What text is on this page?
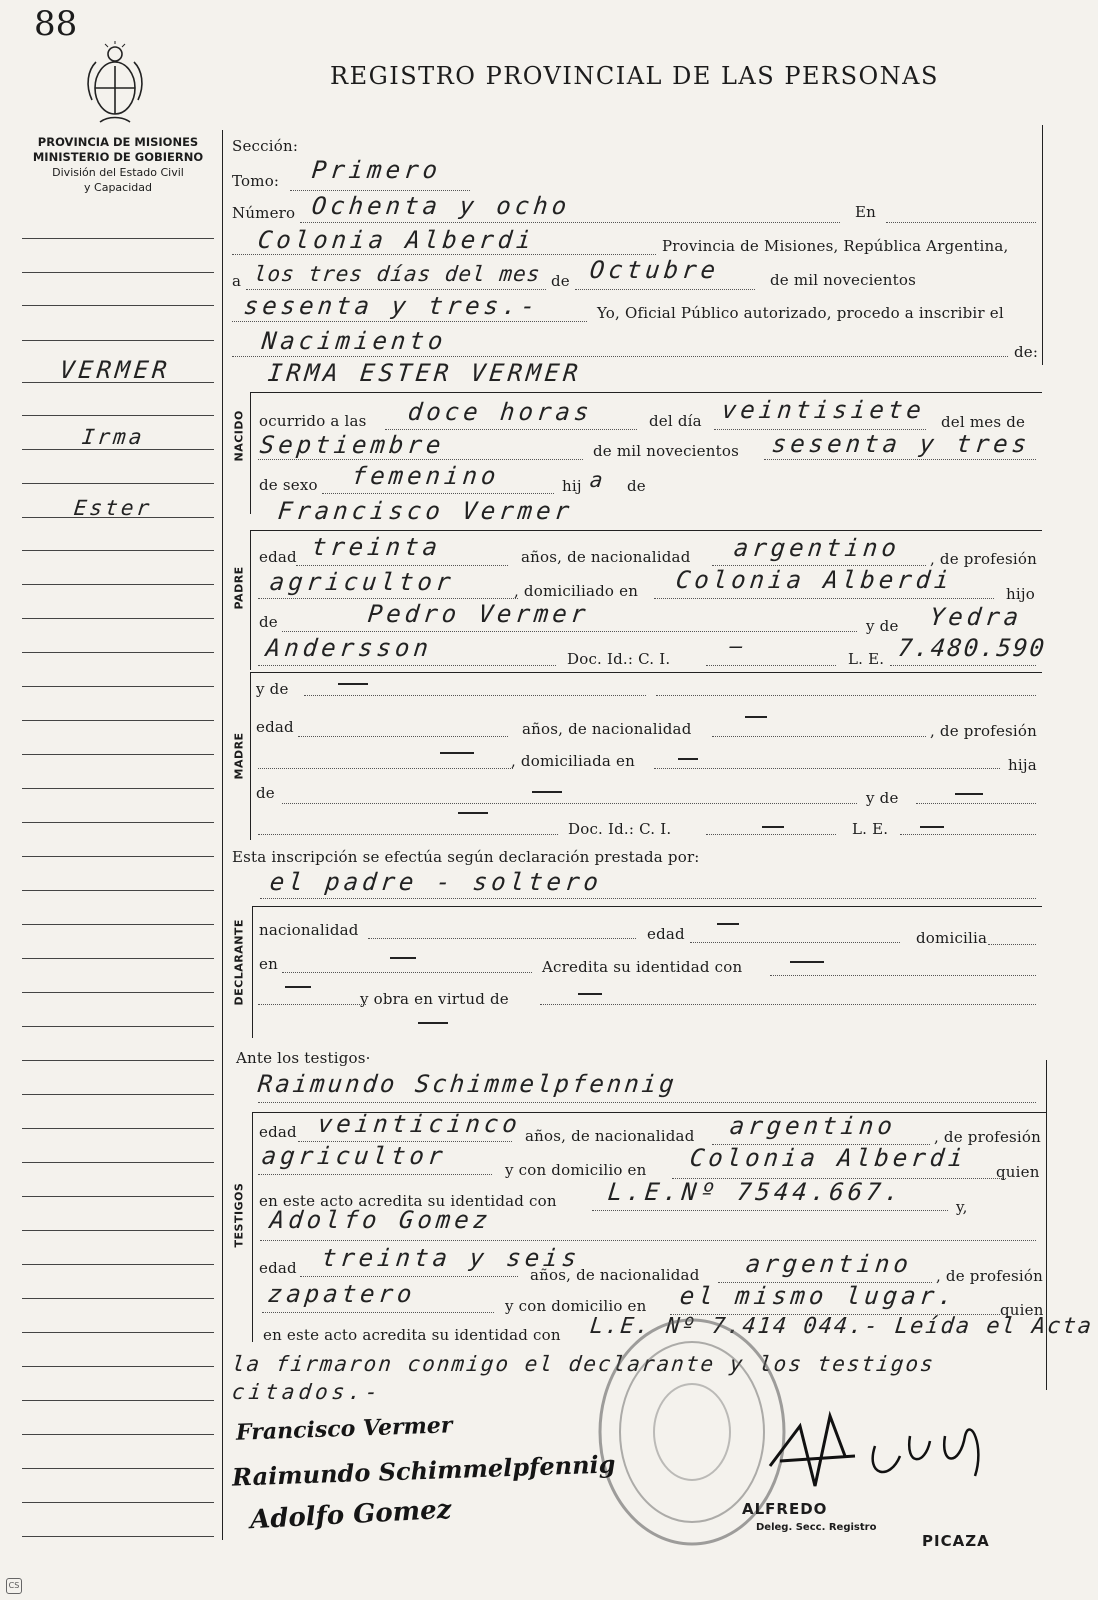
88
PROVINCIA DE MISIONES
MINISTERIO DE GOBIERNO
División del Estado Civil
y Capacidad
REGISTRO PROVINCIAL DE LAS PERSONAS
VERMER
Irma
Ester
Sección:
Tomo: Primero
Número Ochenta y ocho	En
Colonia Alberdi	Provincia de Misiones, República Argentina,
a los tres días del mes de Octubre	de mil novecientos
sesenta y tres.-	Yo, Oficial Público autorizado, procedo a inscribir el
Nacimiento	de:
IRMA ESTER VERMER
NACIDO ocurrido a las doce horas	del día veintisiete del mes de
Septiembre	de mil novecientos sesenta y tres
de sexo femenino	hij a de
Francisco Vermer
PADRE
edad treinta	años, de nacionalidad argentino , de profesión
agricultor	, domiciliado en Colonia Alberdi	hijo
de	Pedro Vermer	y de Yedra
Andersson	Doc. Id.: C. I.
—
L. E. 7.480.590
MADRE
y de
edad	años, de nacionalidad	, de profesión
, domiciliada en	hija
de	y de
Doc. Id.: C. I.	L. E.
Esta inscripción se efectúa según declaración prestada por:
el padre - soltero
DECLARANTE nacionalidad	edad	domicilia
en	Acredita su identidad con
y obra en virtud de
Ante los testigos·
Raimundo Schimmelpfennig
TESTIGOS
edad veinticinco años, de nacionalidad argentino , de profesión
agricultor	y con domicilio en Colonia Alberdi quien
en este acto acredita su identidad con L.E.Nº 7544.667.
y,
Adolfo Gomez
edad treinta y seis
años, de nacionalidad argentino , de profesión
zapatero	y con domicilio en el mismo lugar.	quien
en este acto acredita su identidad con L.E. Nº 7.414 044.- Leída el Acta
la firmaron conmigo el declarante y los testigos
citados.-
Francisco Vermer
Raimundo Schimmelpfennig
Adolfo Gomez	ALFREDO
Deleg. Secc. Registro
PICAZA
CS
